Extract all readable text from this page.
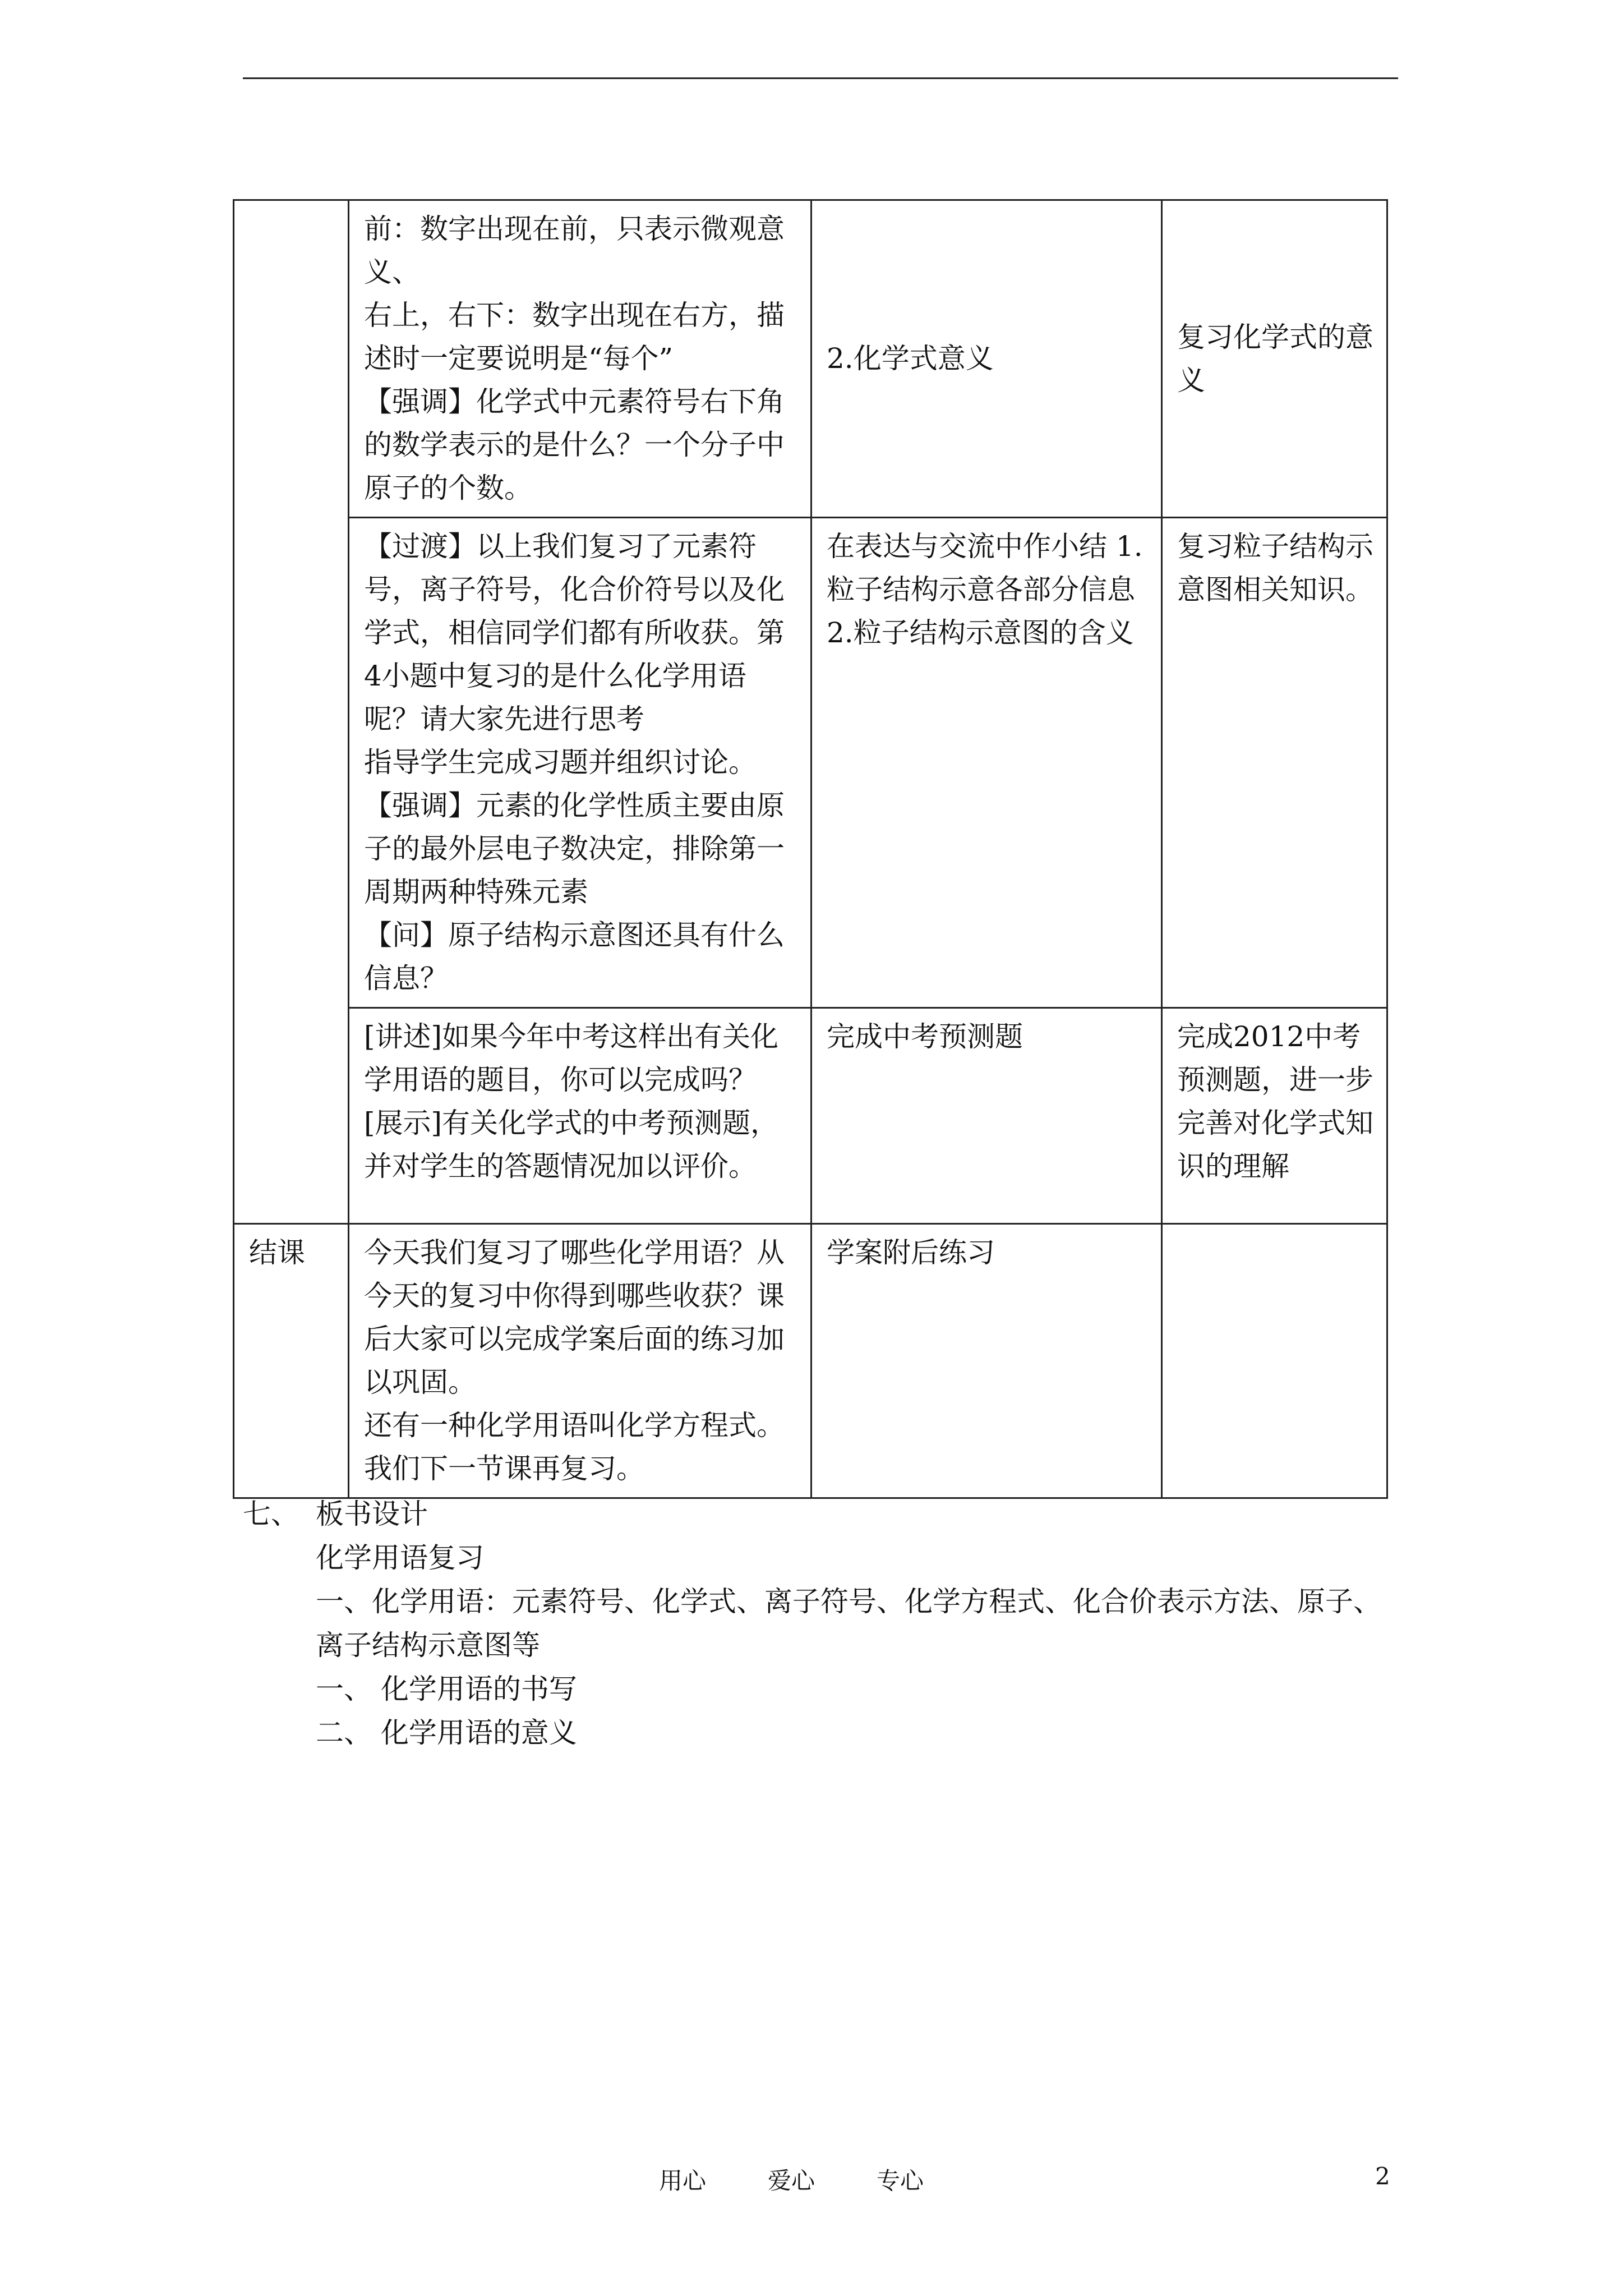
	前：数字出现在前，只表示微观意义、
右上，右下：数字出现在右方，描述时一定要说明是“每个”
【强调】化学式中元素符号右下角的数学表示的是什么？一个分子中原子的个数。	2.化学式意义	复习化学式的意义

	【过渡】以上我们复习了元素符号，离子符号，化合价符号以及化学式，相信同学们都有所收获。第4小题中复习的是什么化学用语呢？请大家先进行思考
指导学生完成习题并组织讨论。
【强调】元素的化学性质主要由原子的最外层电子数决定，排除第一周期两种特殊元素
【问】原子结构示意图还具有什么信息？	在表达与交流中作小结 1.粒子结构示意各部分信息 2.粒子结构示意图的含义	复习粒子结构示意图相关知识。

	[讲述]如果今年中考这样出有关化学用语的题目，你可以完成吗？
[展示]有关化学式的中考预测题，并对学生的答题情况加以评价。	完成中考预测题	完成2012中考预测题，进一步完善对化学式知识的理解

结课	今天我们复习了哪些化学用语？从今天的复习中你得到哪些收获？课后大家可以完成学案后面的练习加以巩固。
还有一种化学用语叫化学方程式。我们下一节课再复习。	学案附后练习	

七、 板书设计
化学用语复习
一、化学用语：元素符号、化学式、离子符号、化学方程式、化合价表示方法、原子、
离子结构示意图等
一、 化学用语的书写
二、 化学用语的意义
用心	爱心	专心	2
